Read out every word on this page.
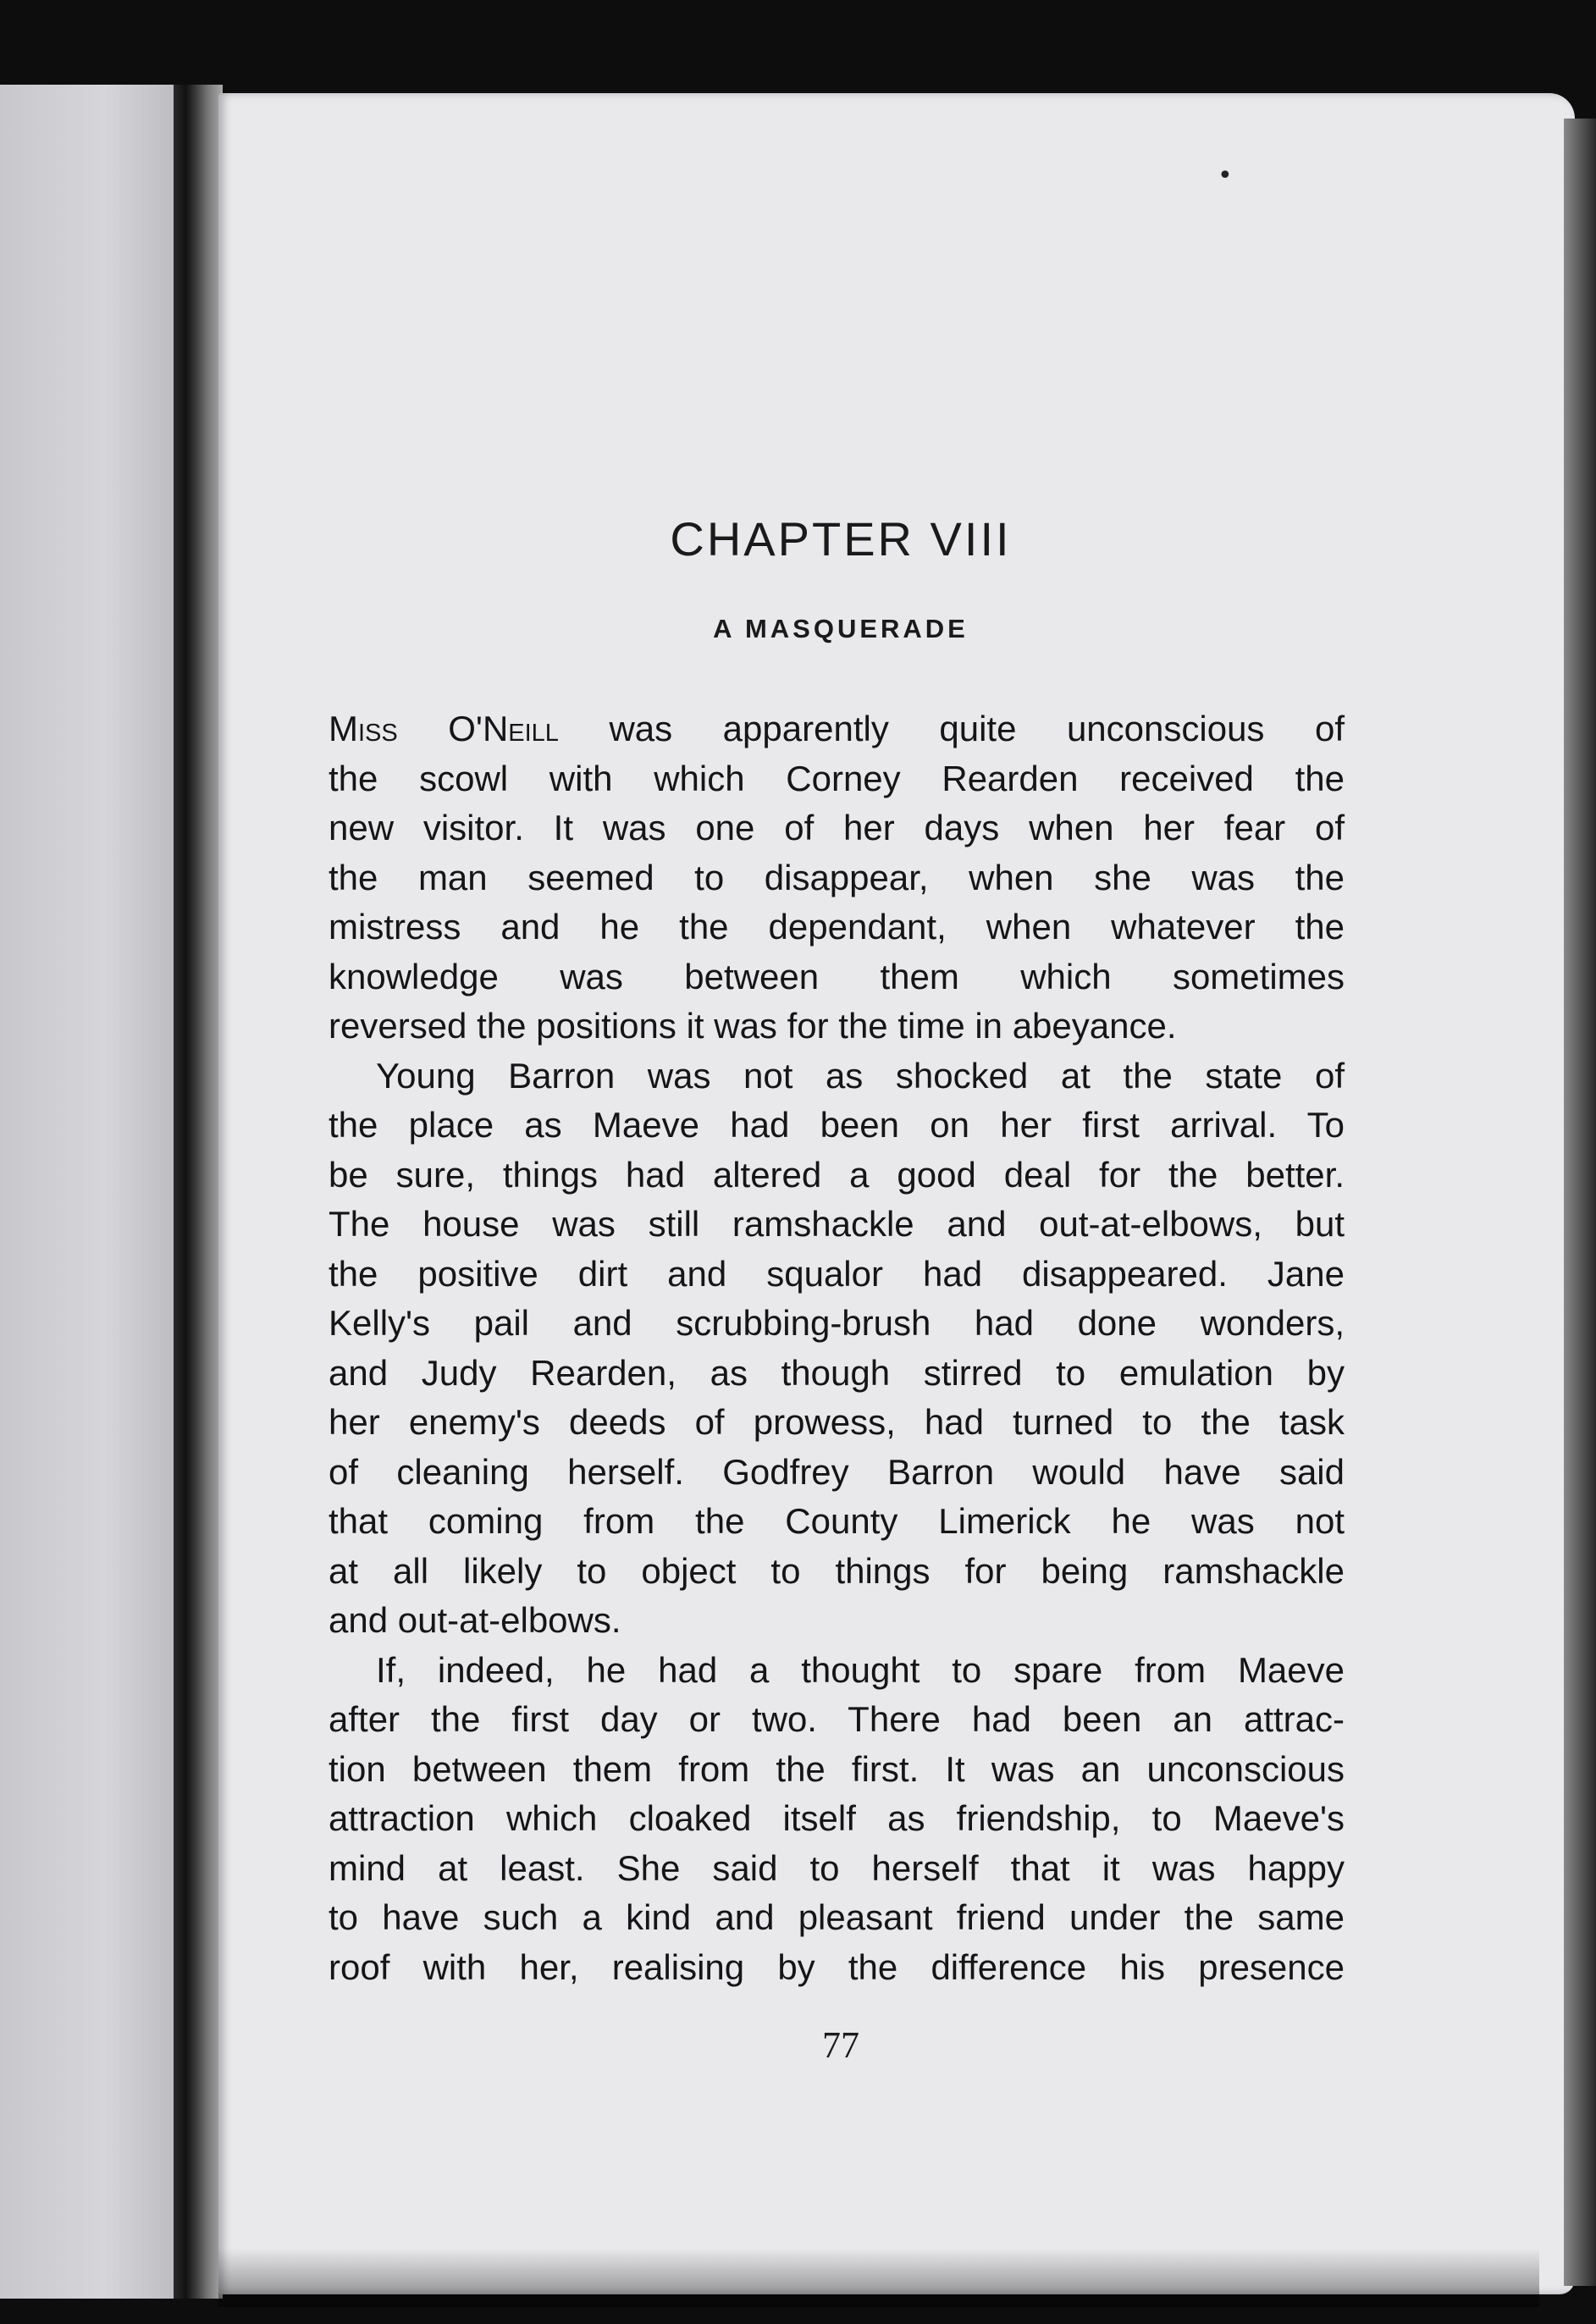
•
CHAPTER VIII
A MASQUERADE
Miss O'Neill was apparently quite unconscious of
the scowl with which Corney Rearden received the
new visitor. It was one of her days when her fear of
the man seemed to disappear, when she was the
mistress and he the dependant, when whatever the
knowledge was between them which sometimes
reversed the positions it was for the time in abeyance.
Young Barron was not as shocked at the state of
the place as Maeve had been on her first arrival. To
be sure, things had altered a good deal for the better.
The house was still ramshackle and out-at-elbows, but
the positive dirt and squalor had disappeared. Jane
Kelly's pail and scrubbing-brush had done wonders,
and Judy Rearden, as though stirred to emulation by
her enemy's deeds of prowess, had turned to the task
of cleaning herself. Godfrey Barron would have said
that coming from the County Limerick he was not
at all likely to object to things for being ramshackle
and out-at-elbows.
If, indeed, he had a thought to spare from Maeve
after the first day or two. There had been an attrac-
tion between them from the first. It was an unconscious
attraction which cloaked itself as friendship, to Maeve's
mind at least. She said to herself that it was happy
to have such a kind and pleasant friend under the same
roof with her, realising by the difference his presence
77
